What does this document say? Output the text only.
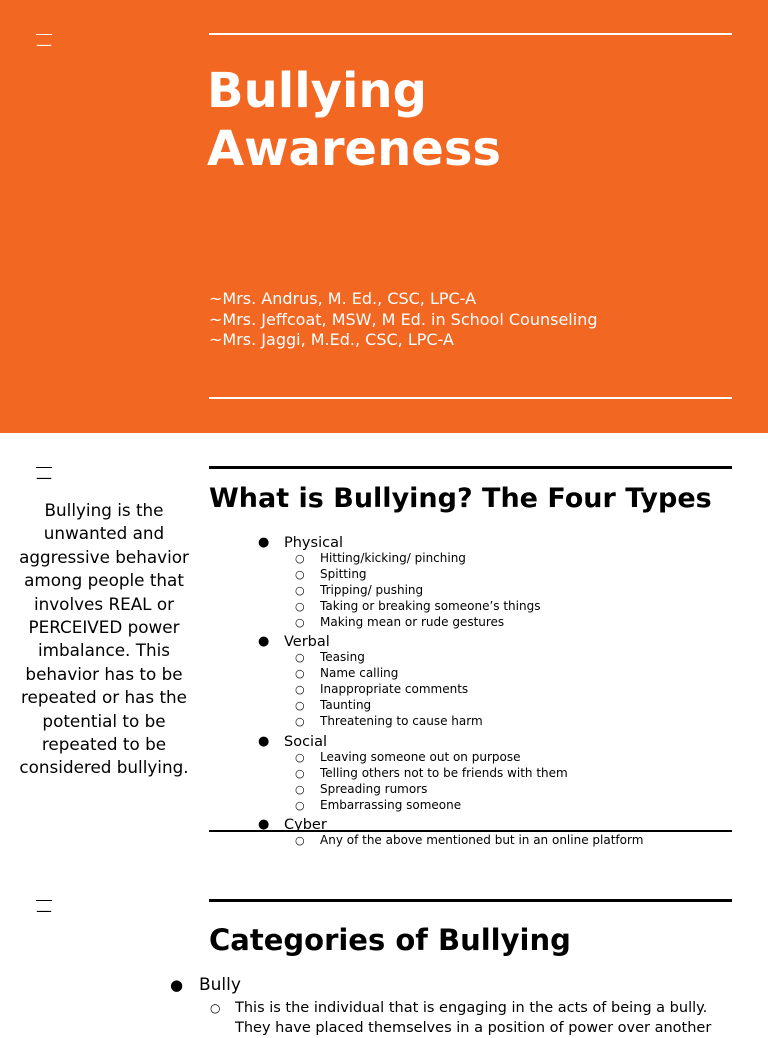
—
Bullying
Awareness
~Mrs. Andrus, M. Ed., CSC, LPC-A
~Mrs. Jeffcoat, MSW, M Ed. in School Counseling
~Mrs. Jaggi, M.Ed., CSC, LPC-A
—
Bullying is the unwanted and aggressive behavior among people that involves REAL or PERCEIVED power imbalance. This behavior has to be repeated or has the potential to be repeated to be considered bullying.
What is Bullying? The Four Types
● Physical
○ Hitting/kicking/ pinching
○ Spitting
○ Tripping/ pushing
○ Taking or breaking someone’s things
○ Making mean or rude gestures
● Verbal
○ Teasing
○ Name calling
○ Inappropriate comments
○ Taunting
○ Threatening to cause harm
● Social
○ Leaving someone out on purpose
○ Telling others not to be friends with them
○ Spreading rumors
○ Embarrassing someone
● Cyber
○ Any of the above mentioned but in an online platform
—
Categories of Bullying
● Bully
○ This is the individual that is engaging in the acts of being a bully. They have placed themselves in a position of power over another
